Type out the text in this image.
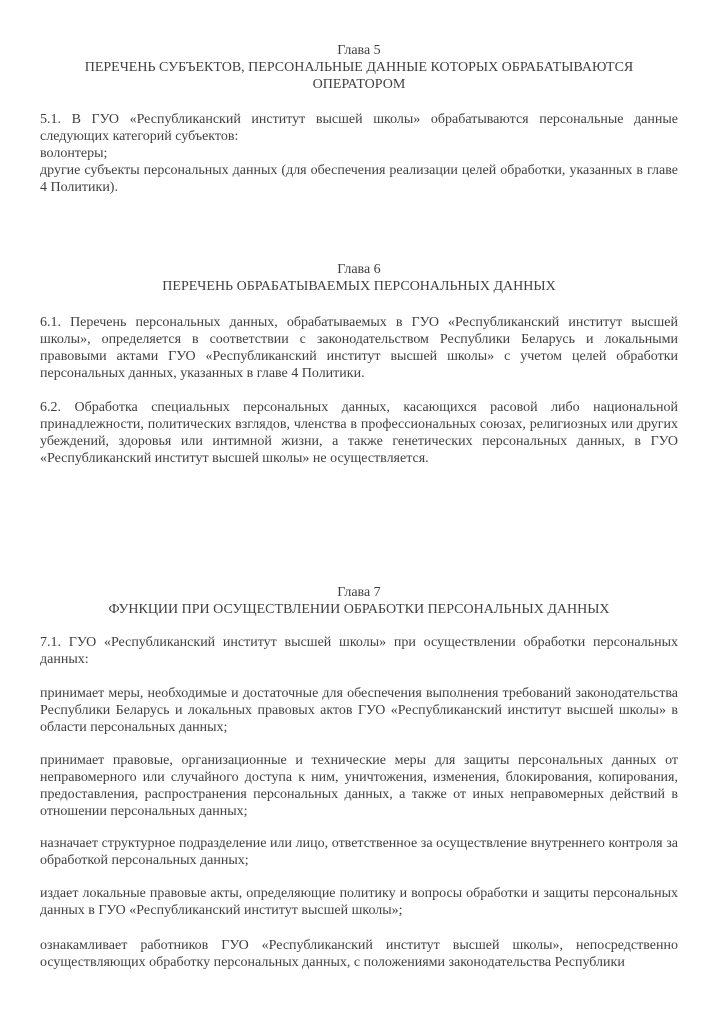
Глава 5

ПЕРЕЧЕНЬ СУБЪЕКТОВ, ПЕРСОНАЛЬНЫЕ ДАННЫЕ КОТОРЫХ ОБРАБАТЫВАЮТСЯ ОПЕРАТОРОМ

5.1. В ГУО «Республиканский институт высшей школы» обрабатываются персональные данные следующих категорий субъектов:

волонтеры;

другие субъекты персональных данных (для обеспечения реализации целей обработки, указанных в главе 4 Политики).

Глава 6

ПЕРЕЧЕНЬ ОБРАБАТЫВАЕМЫХ ПЕРСОНАЛЬНЫХ ДАННЫХ

6.1. Перечень персональных данных, обрабатываемых в ГУО «Республиканский институт высшей школы», определяется в соответствии с законодательством Республики Беларусь и локальными правовыми актами ГУО «Республиканский институт высшей школы» с учетом целей обработки персональных данных, указанных в главе 4 Политики.

6.2. Обработка специальных персональных данных, касающихся расовой либо национальной принадлежности, политических взглядов, членства в профессиональных союзах, религиозных или других убеждений, здоровья или интимной жизни, а также генетических персональных данных, в ГУО «Республиканский институт высшей школы» не осуществляется.

Глава 7

ФУНКЦИИ ПРИ ОСУЩЕСТВЛЕНИИ ОБРАБОТКИ ПЕРСОНАЛЬНЫХ ДАННЫХ

7.1. ГУО «Республиканский институт высшей школы» при осуществлении обработки персональных данных:

принимает меры, необходимые и достаточные для обеспечения выполнения требований законодательства Республики Беларусь и локальных правовых актов ГУО «Республиканский институт высшей школы» в области персональных данных;

принимает правовые, организационные и технические меры для защиты персональных данных от неправомерного или случайного доступа к ним, уничтожения, изменения, блокирования, копирования, предоставления, распространения персональных данных, а также от иных неправомерных действий в отношении персональных данных;

назначает структурное подразделение или лицо, ответственное за осуществление внутреннего контроля за обработкой персональных данных;

издает локальные правовые акты, определяющие политику и вопросы обработки и защиты персональных данных в ГУО «Республиканский институт высшей школы»;

ознакамливает работников ГУО «Республиканский институт высшей школы», непосредственно осуществляющих обработку персональных данных, с положениями законодательства Республики
